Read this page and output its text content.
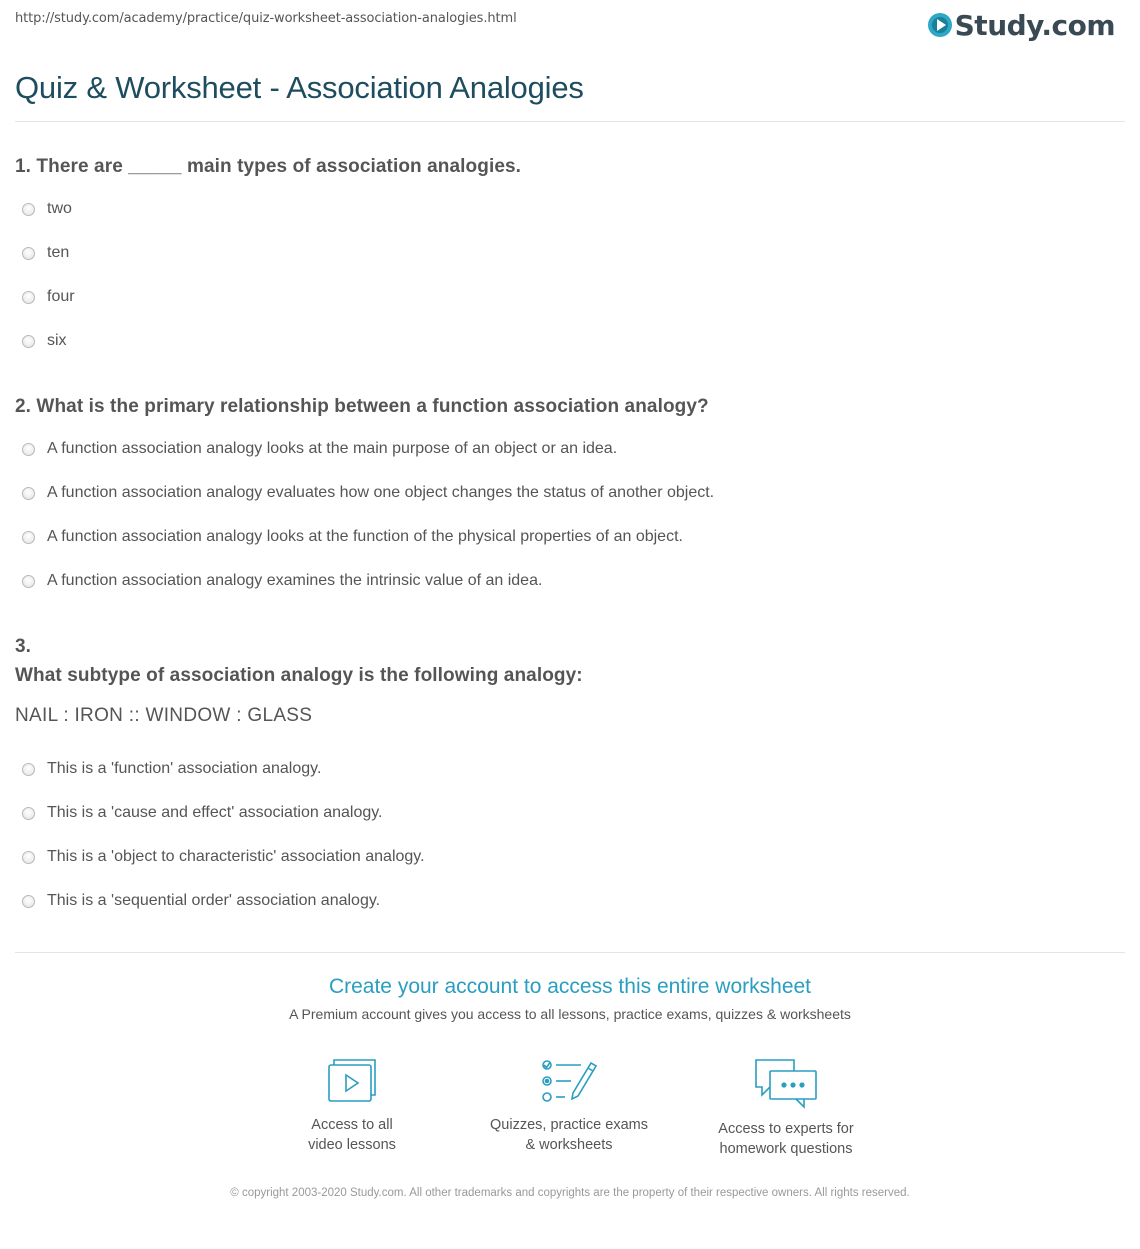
http://study.com/academy/practice/quiz-worksheet-association-analogies.html	Study.com
Quiz & Worksheet - Association Analogies
1. There are _____ main types of association analogies.
two
ten
four
six
2. What is the primary relationship between a function association analogy?
A function association analogy looks at the main purpose of an object or an idea.
A function association analogy evaluates how one object changes the status of another object.
A function association analogy looks at the function of the physical properties of an object.
A function association analogy examines the intrinsic value of an idea.
3.
What subtype of association analogy is the following analogy:
NAIL : IRON :: WINDOW : GLASS
This is a 'function' association analogy.
This is a 'cause and effect' association analogy.
This is a 'object to characteristic' association analogy.
This is a 'sequential order' association analogy.
Create your account to access this entire worksheet
A Premium account gives you access to all lessons, practice exams, quizzes & worksheets
Access to all
video lessons
Quizzes, practice exams
& worksheets
Access to experts for
homework questions
© copyright 2003-2020 Study.com. All other trademarks and copyrights are the property of their respective owners. All rights reserved.
